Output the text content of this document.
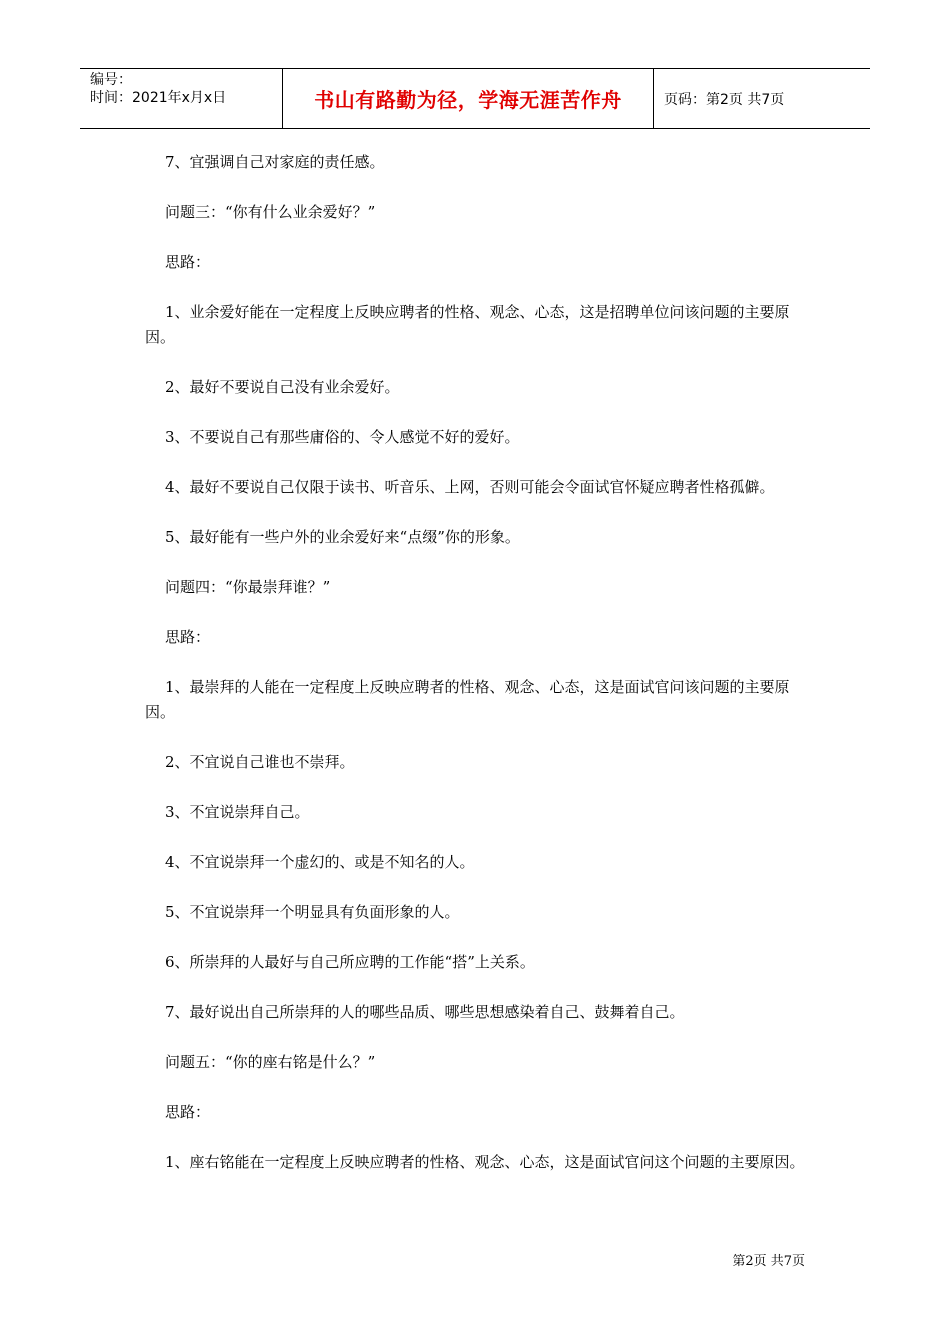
编号：
时间：2021年x月x日	书山有路勤为径，学海无涯苦作舟	页码：第2页 共7页

7、宜强调自己对家庭的责任感。

问题三：“你有什么业余爱好？”

思路：

1、业余爱好能在一定程度上反映应聘者的性格、观念、心态，这是招聘单位问该问题的主要原因。

2、最好不要说自己没有业余爱好。

3、不要说自己有那些庸俗的、令人感觉不好的爱好。

4、最好不要说自己仅限于读书、听音乐、上网，否则可能会令面试官怀疑应聘者性格孤僻。

5、最好能有一些户外的业余爱好来“点缀”你的形象。

问题四：“你最崇拜谁？”

思路：

1、最崇拜的人能在一定程度上反映应聘者的性格、观念、心态，这是面试官问该问题的主要原因。

2、不宜说自己谁也不崇拜。

3、不宜说崇拜自己。

4、不宜说崇拜一个虚幻的、或是不知名的人。

5、不宜说崇拜一个明显具有负面形象的人。

6、所崇拜的人最好与自己所应聘的工作能“搭”上关系。

7、最好说出自己所崇拜的人的哪些品质、哪些思想感染着自己、鼓舞着自己。

问题五：“你的座右铭是什么？”

思路：

1、座右铭能在一定程度上反映应聘者的性格、观念、心态，这是面试官问这个问题的主要原因。

第2页 共7页
